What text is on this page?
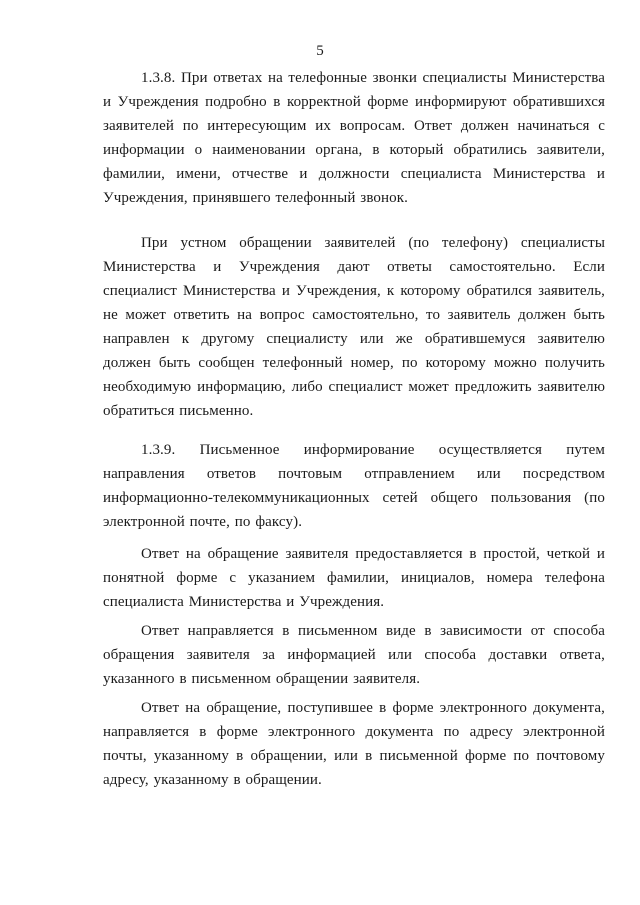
5

1.3.8. При ответах на телефонные звонки специалисты Министерства и Учреждения подробно в корректной форме информируют обратившихся заявителей по интересующим их вопросам. Ответ должен начинаться с информации о наименовании органа, в который обратились заявители, фамилии, имени, отчестве и должности специалиста Министерства и Учреждения, принявшего телефонный звонок.

При устном обращении заявителей (по телефону) специалисты Министерства и Учреждения дают ответы самостоятельно. Если специалист Министерства и Учреждения, к которому обратился заявитель, не может ответить на вопрос самостоятельно, то заявитель должен быть направлен к другому специалисту или же обратившемуся заявителю должен быть сообщен телефонный номер, по которому можно получить необходимую информацию, либо специалист может предложить заявителю обратиться письменно.

1.3.9. Письменное информирование осуществляется путем направления ответов почтовым отправлением или посредством информационно-телекоммуникационных сетей общего пользования (по электронной почте, по факсу).

Ответ на обращение заявителя предоставляется в простой, четкой и понятной форме с указанием фамилии, инициалов, номера телефона специалиста Министерства и Учреждения.

Ответ направляется в письменном виде в зависимости от способа обращения заявителя за информацией или способа доставки ответа, указанного в письменном обращении заявителя.

Ответ на обращение, поступившее в форме электронного документа, направляется в форме электронного документа по адресу электронной почты, указанному в обращении, или в письменной форме по почтовому адресу, указанному в обращении.
